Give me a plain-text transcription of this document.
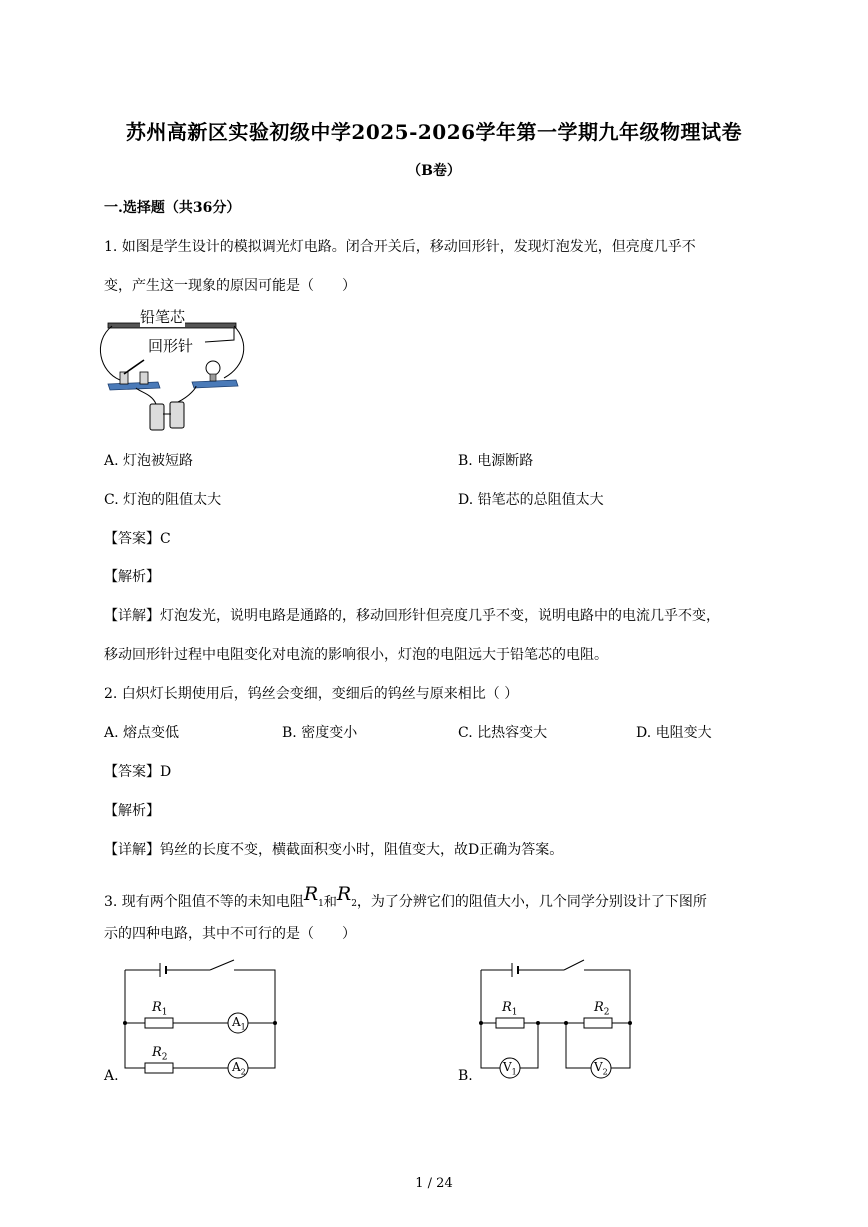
苏州高新区实验初级中学2025-2026学年第一学期九年级物理试卷
（B卷）
一.选择题（共36分）
1. 如图是学生设计的模拟调光灯电路。闭合开关后，移动回形针，发现灯泡发光，但亮度几乎不
变，产生这一现象的原因可能是（　　）
铅笔芯
回形针
A. 灯泡被短路	B. 电源断路
C. 灯泡的阻值太大	D. 铅笔芯的总阻值太大
【答案】C
【解析】
【详解】灯泡发光，说明电路是通路的，移动回形针但亮度几乎不变，说明电路中的电流几乎不变，
移动回形针过程中电阻变化对电流的影响很小，灯泡的电阻远大于铅笔芯的电阻。
2. 白炽灯长期使用后，钨丝会变细，变细后的钨丝与原来相比（ ）
A. 熔点变低	B. 密度变小	C. 比热容变大	D. 电阻变大
【答案】D
【解析】
【详解】钨丝的长度不变，横截面积变小时，阻值变大，故D正确为答案。
3. 现有两个阻值不等的未知电阻$R_1$和$R_2$，为了分辨它们的阻值大小，几个同学分别设计了下图所
示的四种电路，其中不可行的是（　　）
$R_1$
$R_2$
$A_1$
$A_2$
A.
$R_1$	$R_2$
$V_1$	$V_2$
B.
1 / 24
